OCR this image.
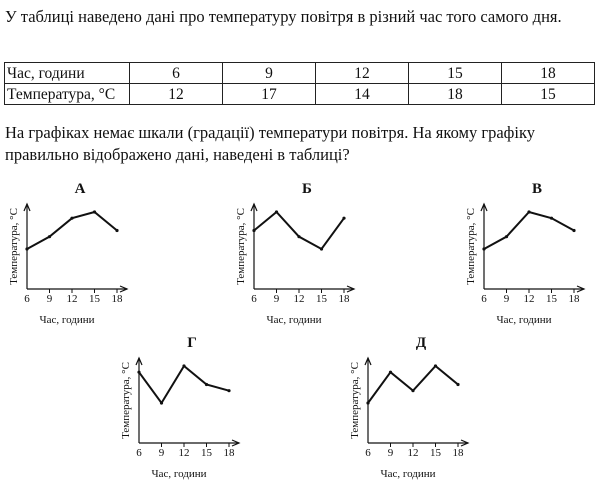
У таблиці наведено дані про температуру повітря в різний час того самого дня.
Час, години	6	9	12	15	18
Температура, °С	12	17	14	18	15
На графіках немає шкали (градації) температури повітря. На якому графіку правильно відображено дані, наведені в таблиці?
А
6 9 12 15 18
Час, години
Температура, °С
Б
6 9 12 15 18
Час, години
Температура, °С
В
6 9 12 15 18
Час, години
Температура, °С
Г
6 9 12 15 18
Час, години
Температура, °С
Д
6 9 12 15 18
Час, години
Температура, °С
